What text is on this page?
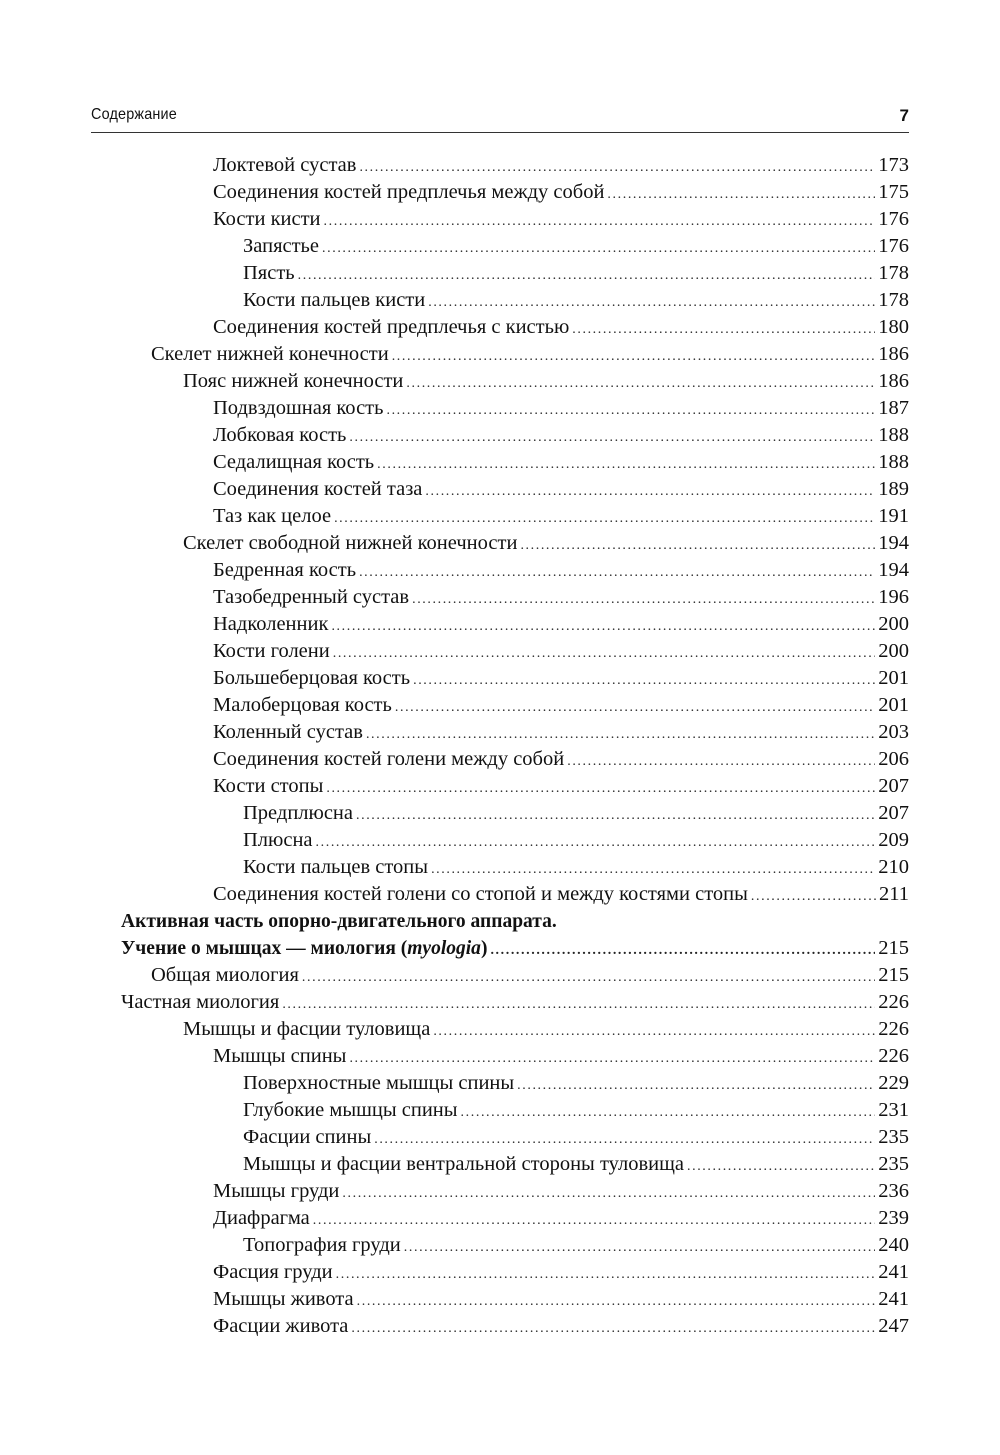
Содержание	7
Локтевой сустав .....	173
Соединения костей предплечья между собой .....	175
Кости кисти .....	176
Запястье .....	176
Пясть .....	178
Кости пальцев кисти .....	178
Соединения костей предплечья с кистью .....	180
Скелет нижней конечности .....	186
Пояс нижней конечности .....	186
Подвздошная кость .....	187
Лобковая кость .....	188
Седалищная кость .....	188
Соединения костей таза .....	189
Таз как целое .....	191
Скелет свободной нижней конечности .....	194
Бедренная кость .....	194
Тазобедренный сустав .....	196
Надколенник .....	200
Кости голени .....	200
Большеберцовая кость .....	201
Малоберцовая кость .....	201
Коленный сустав .....	203
Соединения костей голени между собой .....	206
Кости стопы .....	207
Предплюсна .....	207
Плюсна .....	209
Кости пальцев стопы .....	210
Соединения костей голени со стопой и между костями стопы .....	211
Активная часть опорно-двигательного аппарата.
Учение о мышцах — миология (myologia) .....	215
Общая миология .....	215
Частная миология .....	226
Мышцы и фасции туловища .....	226
Мышцы спины .....	226
Поверхностные мышцы спины .....	229
Глубокие мышцы спины .....	231
Фасции спины .....	235
Мышцы и фасции вентральной стороны туловища .....	235
Мышцы груди .....	236
Диафрагма .....	239
Топография груди .....	240
Фасция груди .....	241
Мышцы живота .....	241
Фасции живота .....	247
